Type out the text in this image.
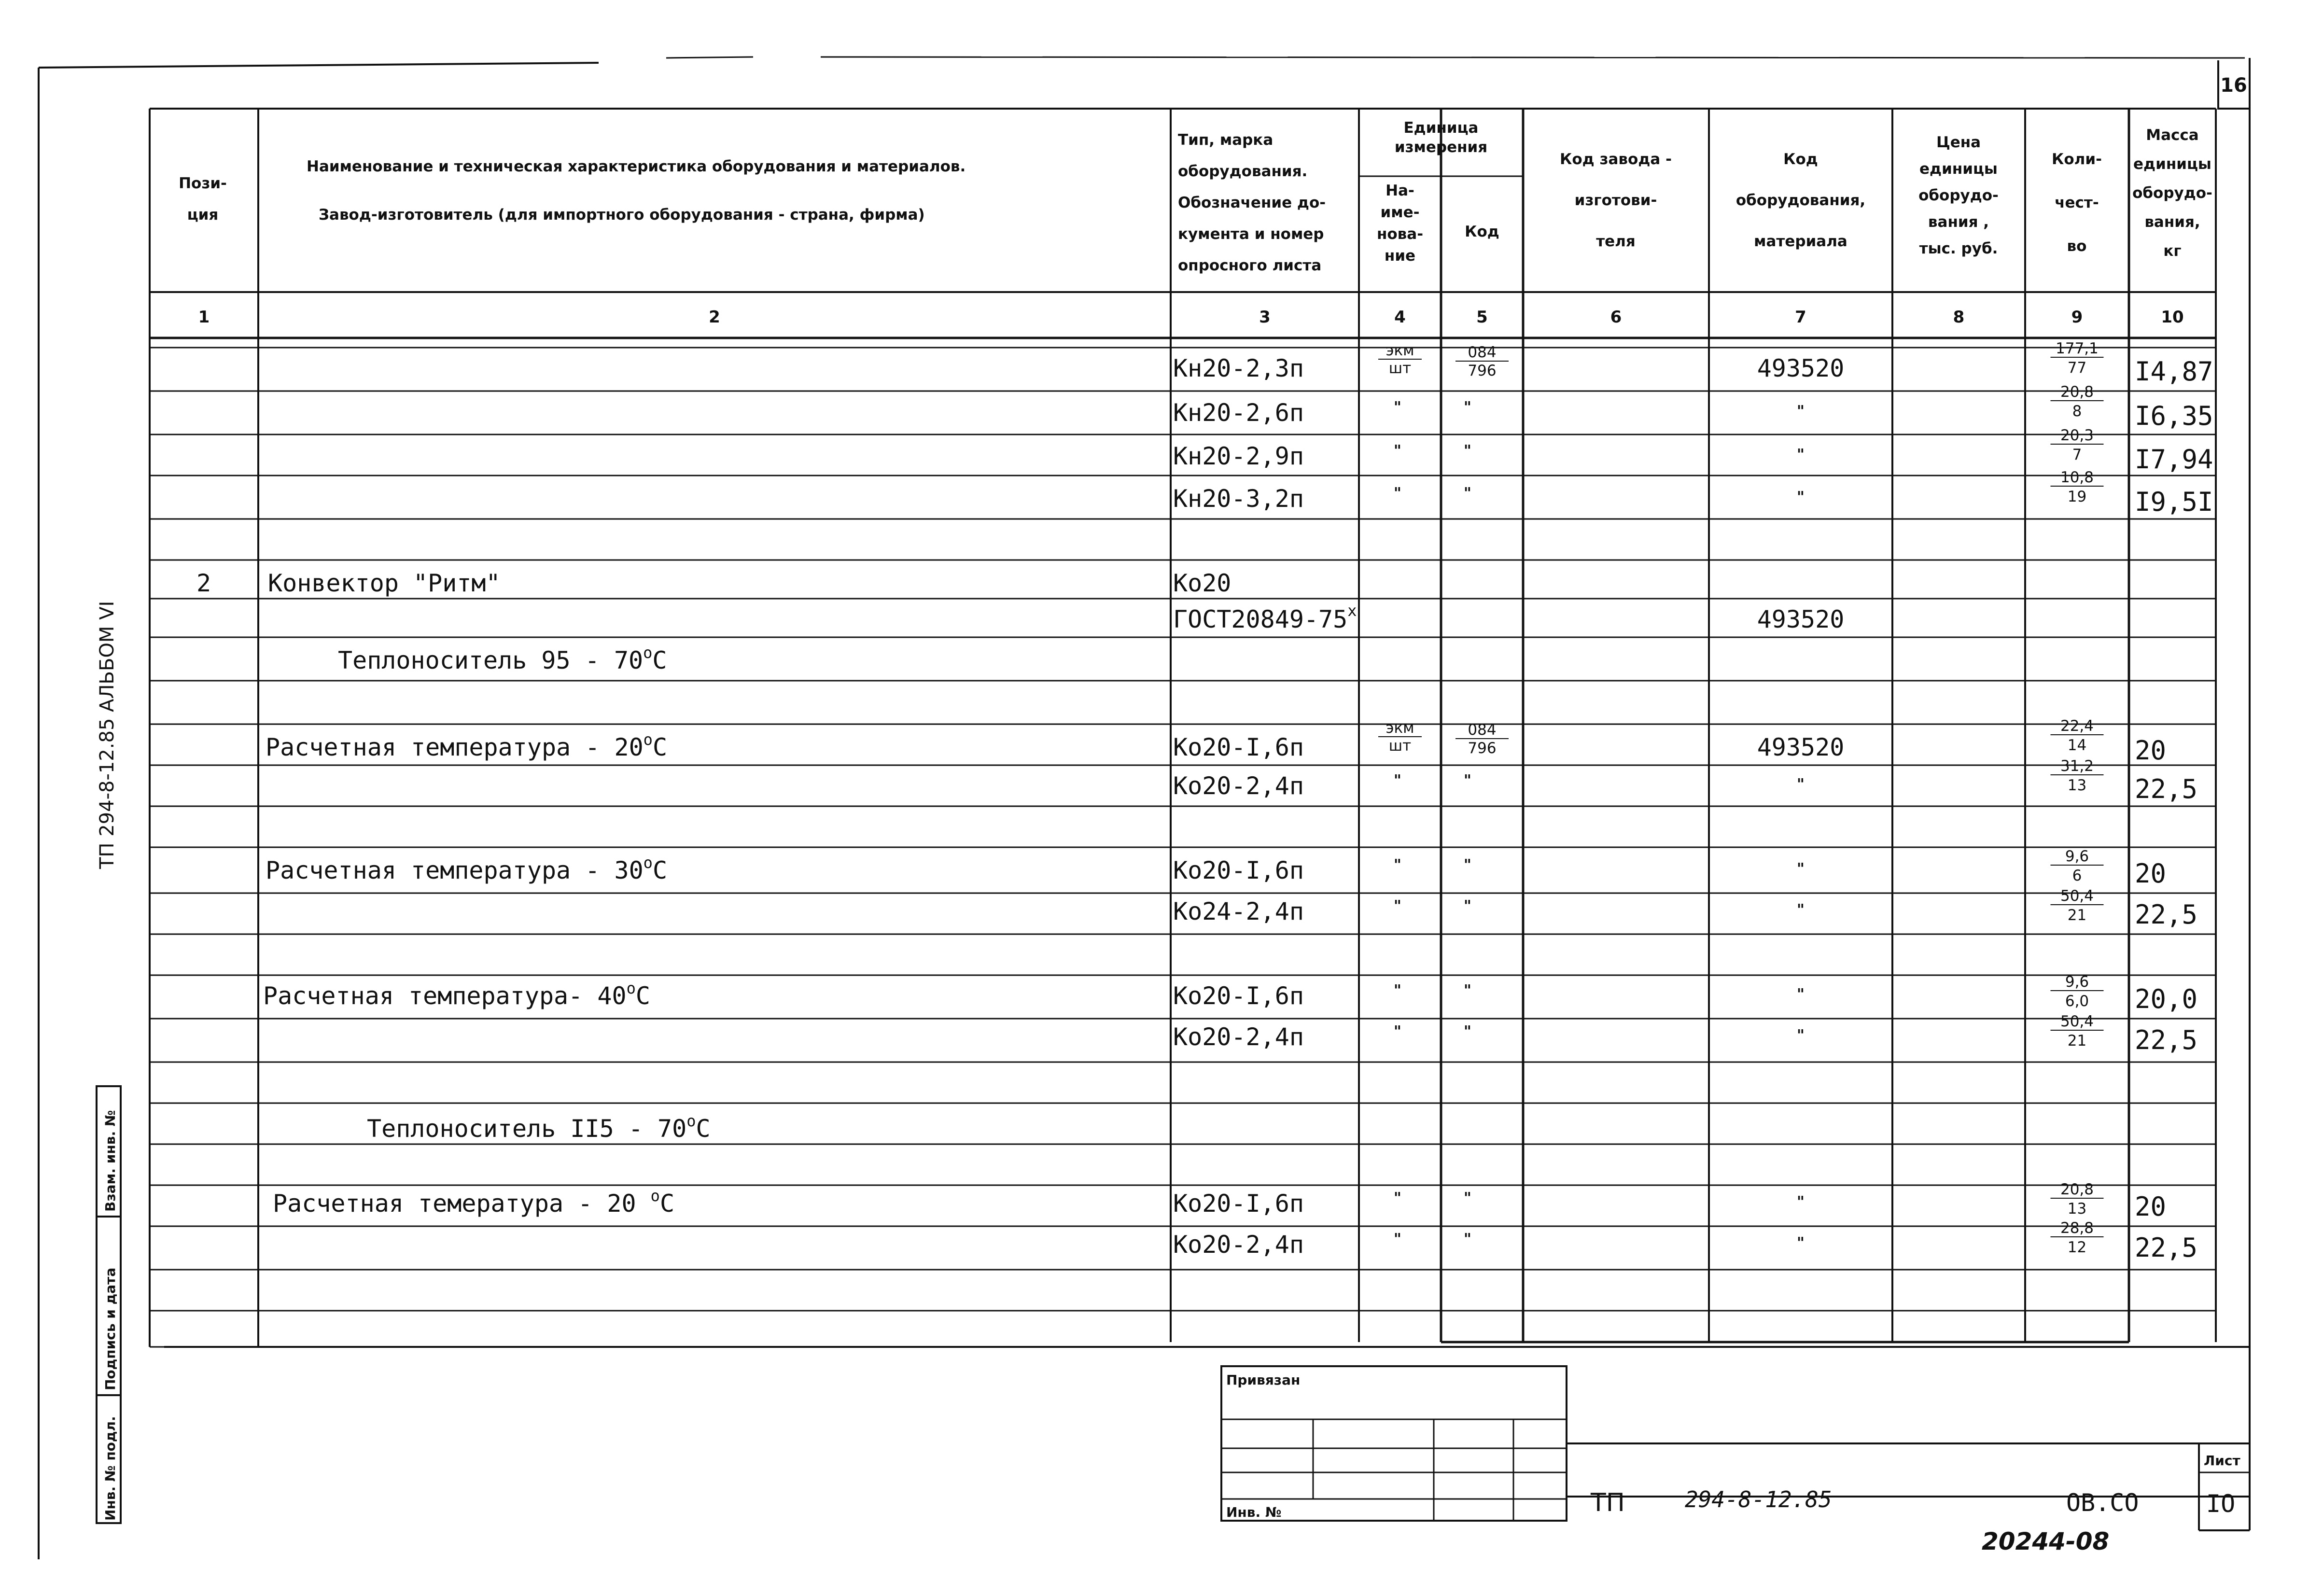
16
ТП 294-8-12.85 АЛЬБОМ VI
Инв. № подл.
Подпись и дата
Взам. инв. №
Пози-
ция
Наименование и техническая характеристика оборудования и материалов.
Завод-изготовитель (для импортного оборудования - страна, фирма)
Тип, марка
оборудования.
Обозначение до-
кумента и номер
опросного листа
Единица
измерения
На-
име-
нова-
ние
Код
Код завода -
изготови-
теля
Код
оборудования,
материала
Цена
единицы
оборудо-
вания ,
тыс. руб.
Коли-
чест-
во
Масса
единицы
оборудо-
вания,
кг
1	2	3	4	5	6	7	8	9	10
Кн20-2,3п
экм
шт
084
796	493520
177,1
77 I4,87
Кн20-2,6п	"	"	"
20,8
8 I6,35
Кн20-2,9п	"	"	"
20,3
7 I7,94
Кн20-3,2п	"	"	"
10,8
19 I9,5I
2 Конвектор "Ритм"	Ко20
$ГОСТ20849-75^х$	493520
Теплоноситель $95 - 70^оС$
Расчетная температура - $20^оС$	Ко20-I,6п
экм
шт
084
796	493520
22,4
14 20
Ко20-2,4п	"	"	"
31,2
13 22,5
Расчетная температура - $30^оС$	Ко20-I,6п	"	"	"
9,6
6 20
Ко24-2,4п	"	"	"
50,4
21 22,5
Расчетная температура- $40^оС$	Ко20-I,6п	"	"	"
9,6
6,0 20,0
Ко20-2,4п	"	"	"
50,4
21 22,5
Теплоноситель $II5 - 70^оС$
Расчетная темература - 20 $^о$С	Ко20-I,6п	"	"	"
20,8
13 20
Ко20-2,4п	"	"	"
28,8
12 22,5
Привязан
Инв. №	ТП	294-8-12.85	ОВ.СО
Лист
IO
20244-08
